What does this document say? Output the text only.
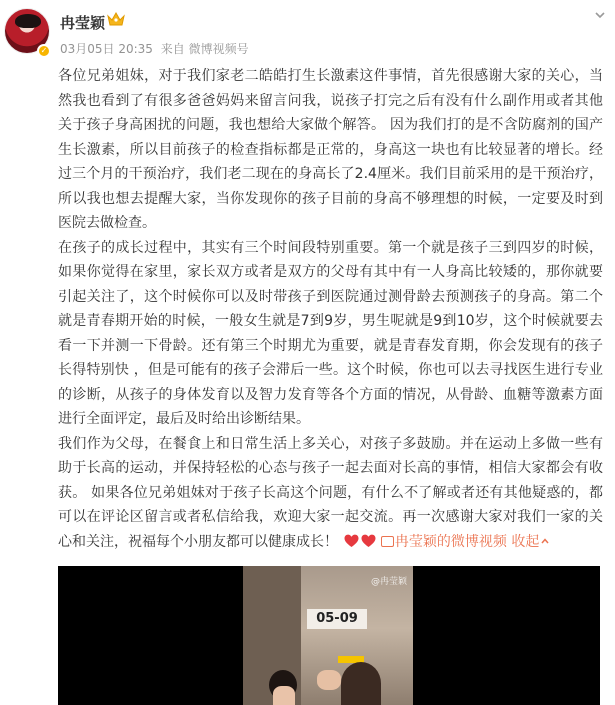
✓
冉莹颖
03月05日 20:35 来自 微博视频号

各位兄弟姐妹，对于我们家老二皓皓打生长激素这件事情，首先很感谢大家的关心，当然我也看到了有很多爸爸妈妈来留言问我，说孩子打完之后有没有什么副作用或者其他关于孩子身高困扰的问题，我也想给大家做个解答。 因为我们打的是不含防腐剂的国产生长激素，所以目前孩子的检查指标都是正常的，身高这一块也有比较显著的增长。经过三个月的干预治疗，我们老二现在的身高长了2.4厘米。我们目前采用的是干预治疗，所以我也想去提醒大家，当你发现你的孩子目前的身高不够理想的时候，一定要及时到医院去做检查。

在孩子的成长过程中，其实有三个时间段特别重要。第一个就是孩子三到四岁的时候，如果你觉得在家里，家长双方或者是双方的父母有其中有一人身高比较矮的，那你就要引起关注了，这个时候你可以及时带孩子到医院通过测骨龄去预测孩子的身高。第二个就是青春期开始的时候，一般女生就是7到9岁，男生呢就是9到10岁，这个时候就要去看一下并测一下骨龄。还有第三个时期尤为重要，就是青春发育期，你会发现有的孩子长得特别快 ，但是可能有的孩子会滞后一些。这个时候，你也可以去寻找医生进行专业的诊断，从孩子的身体发育以及智力发育等各个方面的情况，从骨龄、血糖等激素方面进行全面评定，最后及时给出诊断结果。

我们作为父母，在餐食上和日常生活上多关心，对孩子多鼓励。并在运动上多做一些有助于长高的运动，并保持轻松的心态与孩子一起去面对长高的事情，相信大家都会有收获。 如果各位兄弟姐妹对于孩子长高这个问题，有什么不了解或者还有其他疑惑的，都可以在评论区留言或者私信给我，欢迎大家一起交流。再一次感谢大家对我们一家的关心和关注，祝福每个小朋友都可以健康成长！	冉莹颖的微博视频 收起

05-09
@冉莹颖
